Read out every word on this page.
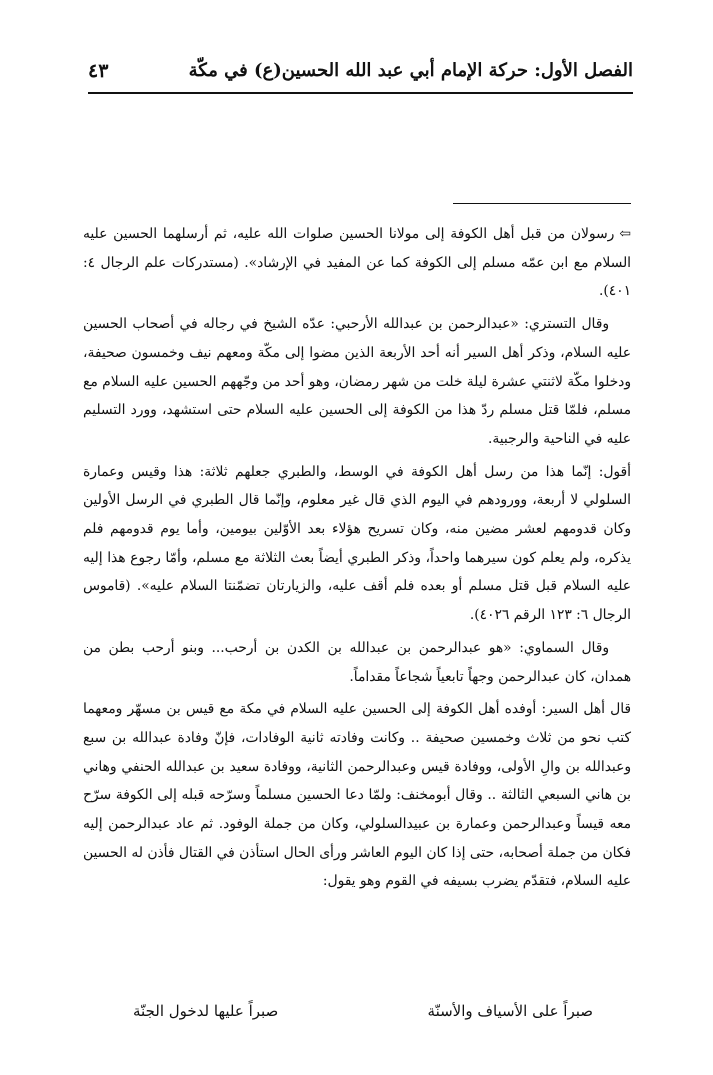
الفصل الأول: حركة الإمام أبي عبد الله الحسين(ع) في مكّة
٤٣

⇦رسولان من قبل أهل الكوفة إلى مولانا الحسين صلوات الله عليه، ثم أرسلهما الحسين عليه السلام مع ابن عمّه مسلم إلى الكوفة كما عن المفيد في الإرشاد». (مستدركات علم الرجال ٤: ٤٠١).

وقال التستري: «عبدالرحمن بن عبدالله الأرحبي: عدّه الشيخ في رجاله في أصحاب الحسين عليه السلام، وذكر أهل السير أنه أحد الأربعة الذين مضوا إلى مكّة ومعهم نيف وخمسون صحيفة، ودخلوا مكّة لاثنتي عشرة ليلة خلت من شهر رمضان، وهو أحد من وجّههم الحسين عليه السلام مع مسلم، فلمّا قتل مسلم ردّ هذا من الكوفة إلى الحسين عليه السلام حتى استشهد، وورد التسليم عليه في الناحية والرجبية.

أقول: إنّما هذا من رسل أهل الكوفة في الوسط، والطبري جعلهم ثلاثة: هذا وقيس وعمارة السلولي لا أربعة، وورودهم في اليوم الذي قال غير معلوم، وإنّما قال الطبري في الرسل الأولين وكان قدومهم لعشر مضين منه، وكان تسريح هؤلاء بعد الأوّلين بيومين، وأما يوم قدومهم فلم يذكره، ولم يعلم كون سيرهما واحداً، وذكر الطبري أيضاً بعث الثلاثة مع مسلم، وأمّا رجوع هذا إليه عليه السلام قبل قتل مسلم أو بعده فلم أقف عليه، والزيارتان تضمّنتا السلام عليه». (قاموس الرجال ٦: ١٢٣ الرقم ٤٠٢٦).

وقال السماوي: «هو عبدالرحمن بن عبدالله بن الكدن بن أرحب... وبنو أرحب بطن من همدان، كان عبدالرحمن وجهاً تابعياً شجاعاً مقداماً.

قال أهل السير: أوفده أهل الكوفة إلى الحسين عليه السلام في مكة مع قيس بن مسهّر ومعهما كتب نحو من ثلاث وخمسين صحيفة .. وكانت وفادته ثانية الوفادات، فإنّ وفادة عبدالله بن سبع وعبدالله بن والِ الأولى، ووفادة قيس وعبدالرحمن الثانية، ووفادة سعيد بن عبدالله الحنفي وهاني بن هاني السبعي الثالثة .. وقال أبومخنف: ولمّا دعا الحسين مسلماً وسرّحه قبله إلى الكوفة سرّح معه قيساً وعبدالرحمن وعمارة بن عبيدالسلولي، وكان من جملة الوفود. ثم عاد عبدالرحمن إليه فكان من جملة أصحابه، حتى إذا كان اليوم العاشر ورأى الحال استأذن في القتال فأذن له الحسين عليه السلام، فتقدّم يضرب بسيفه في القوم وهو يقول:

صبراً على الأسياف والأسنّة
صبراً عليها لدخول الجنّة
